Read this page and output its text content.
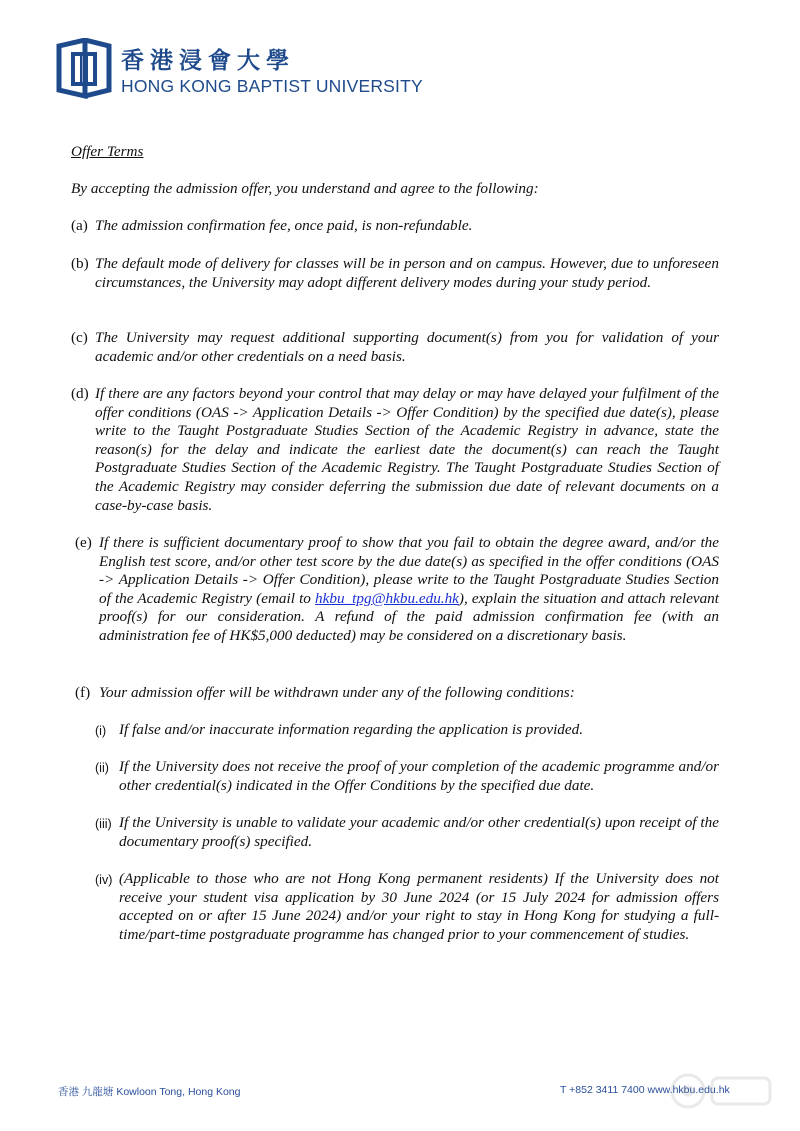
香港浸會大學
HONG KONG BAPTIST UNIVERSITY
Offer Terms
By accepting the admission offer, you understand and agree to the following:
(a) The admission confirmation fee, once paid, is non-refundable.
(b) The default mode of delivery for classes will be in person and on campus. However, due to unforeseen circumstances, the University may adopt different delivery modes during your study period.
(c) The University may request additional supporting document(s) from you for validation of your academic and/or other credentials on a need basis.
(d) If there are any factors beyond your control that may delay or may have delayed your fulfilment of the offer conditions (OAS -> Application Details -> Offer Condition) by the specified due date(s), please write to the Taught Postgraduate Studies Section of the Academic Registry in advance, state the reason(s) for the delay and indicate the earliest date the document(s) can reach the Taught Postgraduate Studies Section of the Academic Registry. The Taught Postgraduate Studies Section of the Academic Registry may consider deferring the submission due date of relevant documents on a case-by-case basis.
(e) If there is sufficient documentary proof to show that you fail to obtain the degree award, and/or the English test score, and/or other test score by the due date(s) as specified in the offer conditions (OAS -> Application Details -> Offer Condition), please write to the Taught Postgraduate Studies Section of the Academic Registry (email to hkbu_tpg@hkbu.edu.hk), explain the situation and attach relevant proof(s) for our consideration. A refund of the paid admission confirmation fee (with an administration fee of HK$5,000 deducted) may be considered on a discretionary basis.
(f) Your admission offer will be withdrawn under any of the following conditions:
(i) If false and/or inaccurate information regarding the application is provided.
(ii) If the University does not receive the proof of your completion of the academic programme and/or other credential(s) indicated in the Offer Conditions by the specified due date.
(iii) If the University is unable to validate your academic and/or other credential(s) upon receipt of the documentary proof(s) specified.
(iv) (Applicable to those who are not Hong Kong permanent residents) If the University does not receive your student visa application by 30 June 2024 (or 15 July 2024 for admission offers accepted on or after 15 June 2024) and/or your right to stay in Hong Kong for studying a full-time/part-time postgraduate programme has changed prior to your commencement of studies.
香港 九龍塘 Kowloon Tong, Hong Kong	T +852 3411 7400 www.hkbu.edu.hk
